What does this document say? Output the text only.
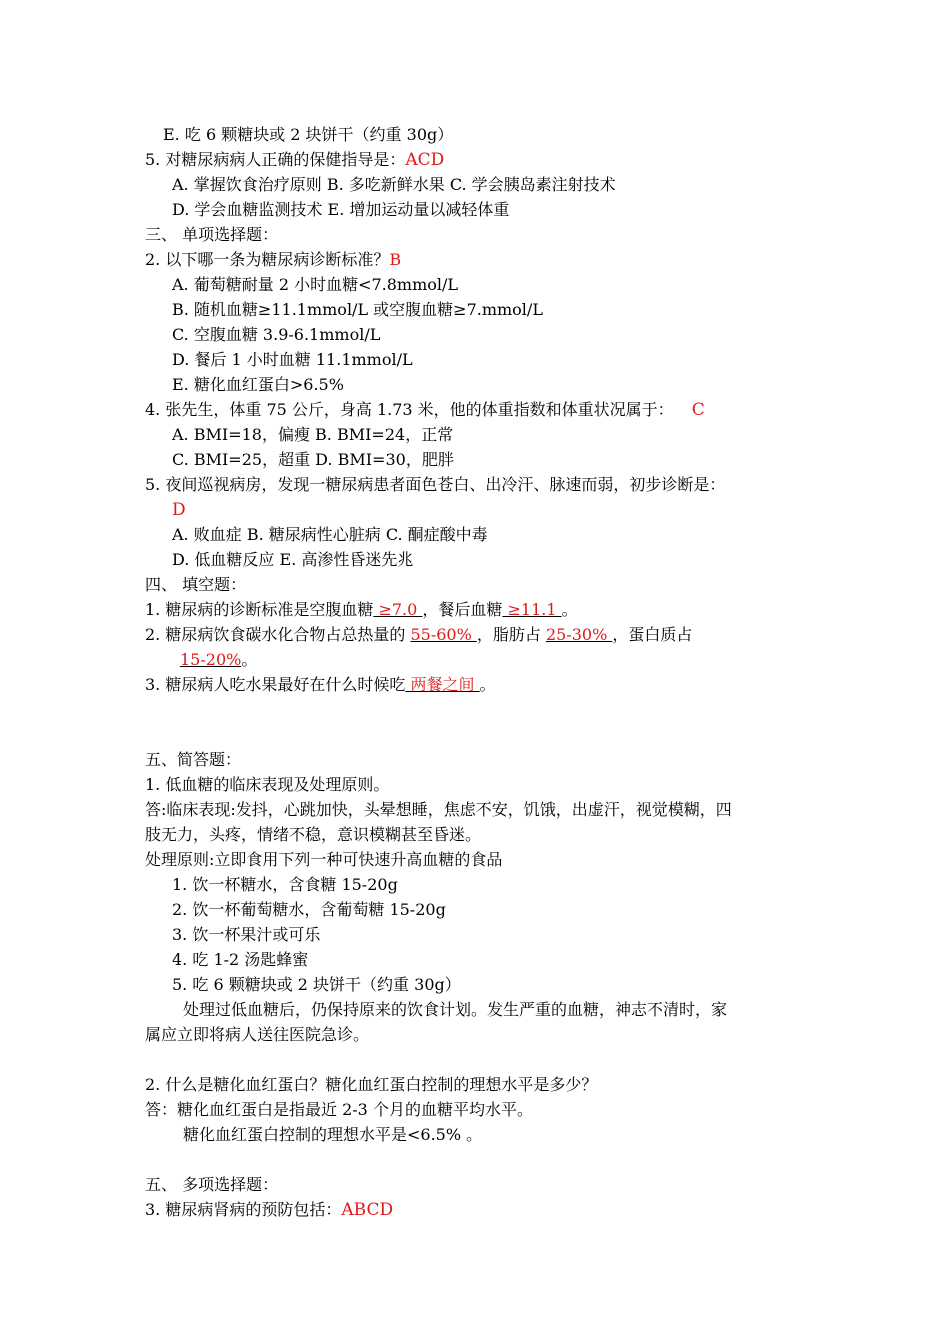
E. 吃 6 颗糖块或 2 块饼干（约重 30g）
5. 对糖尿病病人正确的保健指导是：ACD
A. 掌握饮食治疗原则 B. 多吃新鲜水果 C. 学会胰岛素注射技术
D. 学会血糖监测技术 E. 增加运动量以减轻体重
三、 单项选择题：
2. 以下哪一条为糖尿病诊断标准？B
A. 葡萄糖耐量 2 小时血糖<7.8mmol/L
B. 随机血糖≥11.1mmol/L 或空腹血糖≥7.mmol/L
C. 空腹血糖 3.9-6.1mmol/L
D. 餐后 1 小时血糖 11.1mmol/L
E. 糖化血红蛋白>6.5%
4. 张先生，体重 75 公斤，身高 1.73 米，他的体重指数和体重状况属于： C
A. BMI=18，偏瘦 B. BMI=24，正常
C. BMI=25，超重 D. BMI=30，肥胖
5. 夜间巡视病房，发现一糖尿病患者面色苍白、出冷汗、脉速而弱，初步诊断是：
D
A. 败血症 B. 糖尿病性心脏病 C. 酮症酸中毒
D. 低血糖反应 E. 高渗性昏迷先兆
四、 填空题：
1. 糖尿病的诊断标准是空腹血糖 ≥7.0 ，餐后血糖 ≥11.1 。
2. 糖尿病饮食碳水化合物占总热量的 55-60% ，脂肪占 25-30% ，蛋白质占
15-20%。
3. 糖尿病人吃水果最好在什么时候吃 两餐之间 。
五、简答题：
1. 低血糖的临床表现及处理原则。
答:临床表现:发抖，心跳加快，头晕想睡，焦虑不安，饥饿，出虚汗，视觉模糊，四
肢无力，头疼，情绪不稳，意识模糊甚至昏迷。
处理原则:立即食用下列一种可快速升高血糖的食品
1. 饮一杯糖水，含食糖 15-20g
2. 饮一杯葡萄糖水，含葡萄糖 15-20g
3. 饮一杯果汁或可乐
4. 吃 1-2 汤匙蜂蜜
5. 吃 6 颗糖块或 2 块饼干（约重 30g）
处理过低血糖后，仍保持原来的饮食计划。发生严重的血糖，神志不清时，家
属应立即将病人送往医院急诊。
2. 什么是糖化血红蛋白？糖化血红蛋白控制的理想水平是多少？
答：糖化血红蛋白是指最近 2-3 个月的血糖平均水平。
糖化血红蛋白控制的理想水平是<6.5% 。
五、 多项选择题：
3. 糖尿病肾病的预防包括：ABCD
